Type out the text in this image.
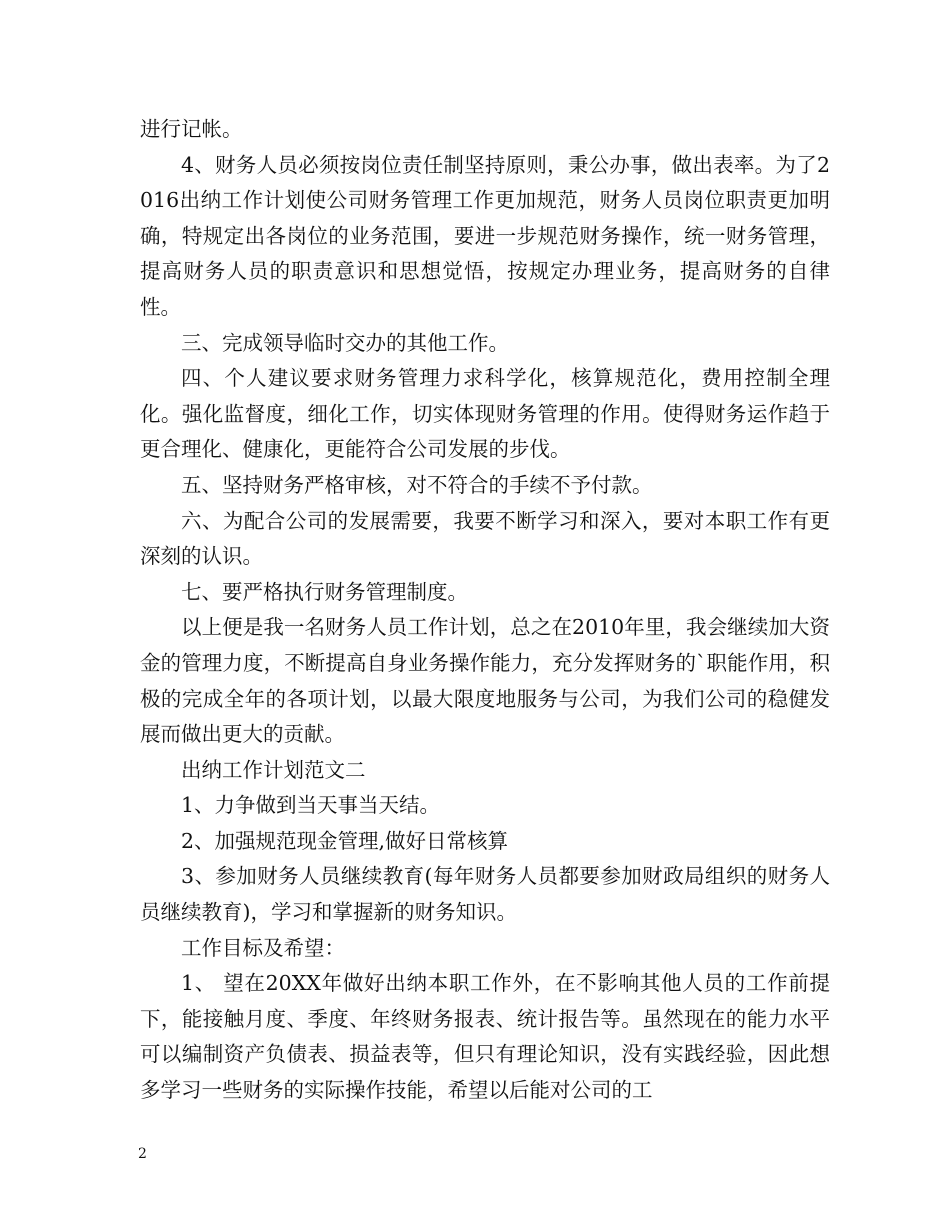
进行记帐。

4、财务人员必须按岗位责任制坚持原则，秉公办事，做出表率。为了2016出纳工作计划使公司财务管理工作更加规范，财务人员岗位职责更加明确，特规定出各岗位的业务范围，要进一步规范财务操作，统一财务管理，提高财务人员的职责意识和思想觉悟，按规定办理业务，提高财务的自律性。

三、完成领导临时交办的其他工作。

四、个人建议要求财务管理力求科学化，核算规范化，费用控制全理化。强化监督度，细化工作，切实体现财务管理的作用。使得财务运作趋于更合理化、健康化，更能符合公司发展的步伐。

五、坚持财务严格审核，对不符合的手续不予付款。

六、为配合公司的发展需要，我要不断学习和深入，要对本职工作有更深刻的认识。

七、要严格执行财务管理制度。

以上便是我一名财务人员工作计划，总之在2010年里，我会继续加大资金的管理力度，不断提高自身业务操作能力，充分发挥财务的`职能作用，积极的完成全年的各项计划，以最大限度地服务与公司，为我们公司的稳健发展而做出更大的贡献。

出纳工作计划范文二

1、力争做到当天事当天结。

2、加强规范现金管理,做好日常核算

3、参加财务人员继续教育(每年财务人员都要参加财政局组织的财务人员继续教育)，学习和掌握新的财务知识。

工作目标及希望：

1、 望在20XX年做好出纳本职工作外，在不影响其他人员的工作前提下，能接触月度、季度、年终财务报表、统计报告等。虽然现在的能力水平可以编制资产负债表、损益表等，但只有理论知识，没有实践经验，因此想多学习一些财务的实际操作技能，希望以后能对公司的工

2
